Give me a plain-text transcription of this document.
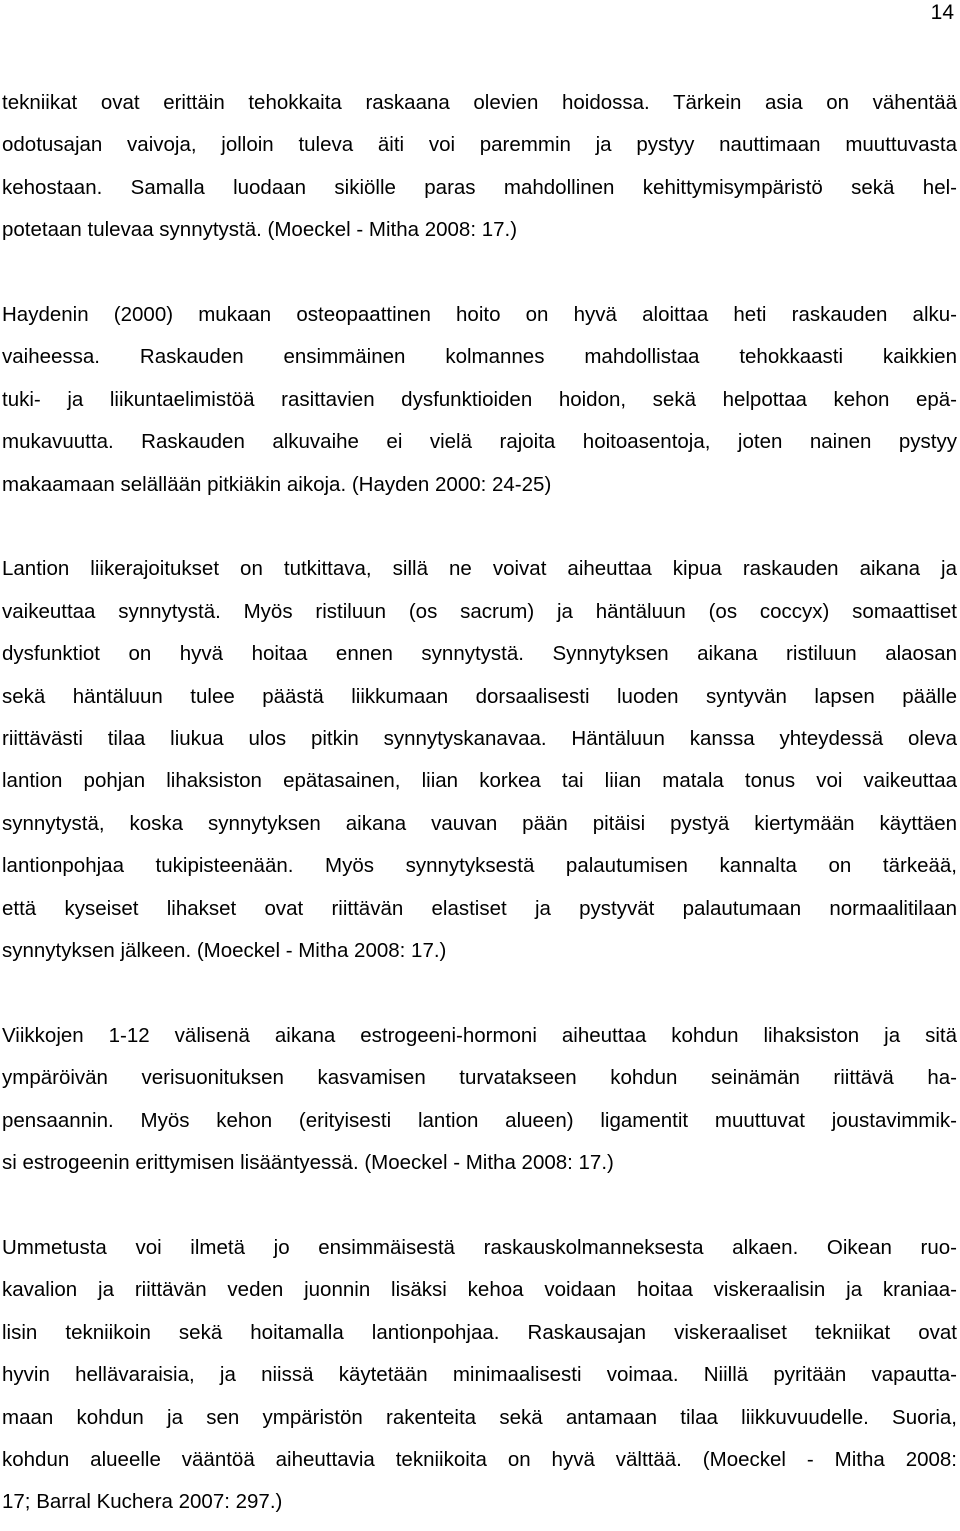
14

tekniikat ovat erittäin tehokkaita raskaana olevien hoidossa. Tärkein asia on vähentää

odotusajan vaivoja, jolloin tuleva äiti voi paremmin ja pystyy nauttimaan muuttuvasta

kehostaan. Samalla luodaan sikiölle paras mahdollinen kehittymisympäristö sekä hel-

potetaan tulevaa synnytystä. (Moeckel - Mitha 2008: 17.)

Haydenin (2000) mukaan osteopaattinen hoito on hyvä aloittaa heti raskauden alku-

vaiheessa. Raskauden ensimmäinen kolmannes mahdollistaa tehokkaasti kaikkien

tuki- ja liikuntaelimistöä rasittavien dysfunktioiden hoidon, sekä helpottaa kehon epä-

mukavuutta. Raskauden alkuvaihe ei vielä rajoita hoitoasentoja, joten nainen pystyy

makaamaan selällään pitkiäkin aikoja. (Hayden 2000: 24-25)

Lantion liikerajoitukset on tutkittava, sillä ne voivat aiheuttaa kipua raskauden aikana ja

vaikeuttaa synnytystä. Myös ristiluun (os sacrum) ja häntäluun (os coccyx) somaattiset

dysfunktiot on hyvä hoitaa ennen synnytystä. Synnytyksen aikana ristiluun alaosan

sekä häntäluun tulee päästä liikkumaan dorsaalisesti luoden syntyvän lapsen päälle

riittävästi tilaa liukua ulos pitkin synnytyskanavaa. Häntäluun kanssa yhteydessä oleva

lantion pohjan lihaksiston epätasainen, liian korkea tai liian matala tonus voi vaikeuttaa

synnytystä, koska synnytyksen aikana vauvan pään pitäisi pystyä kiertymään käyttäen

lantionpohjaa tukipisteenään. Myös synnytyksestä palautumisen kannalta on tärkeää,

että kyseiset lihakset ovat riittävän elastiset ja pystyvät palautumaan normaalitilaan

synnytyksen jälkeen. (Moeckel - Mitha 2008: 17.)

Viikkojen 1-12 välisenä aikana estrogeeni-hormoni aiheuttaa kohdun lihaksiston ja sitä

ympäröivän verisuonituksen kasvamisen turvatakseen kohdun seinämän riittävä ha-

pensaannin. Myös kehon (erityisesti lantion alueen) ligamentit muuttuvat joustavimmik-

si estrogeenin erittymisen lisääntyessä. (Moeckel - Mitha 2008: 17.)

Ummetusta voi ilmetä jo ensimmäisestä raskauskolmanneksesta alkaen. Oikean ruo-

kavalion ja riittävän veden juonnin lisäksi kehoa voidaan hoitaa viskeraalisin ja kraniaa-

lisin tekniikoin sekä hoitamalla lantionpohjaa. Raskausajan viskeraaliset tekniikat ovat

hyvin hellävaraisia, ja niissä käytetään minimaalisesti voimaa. Niillä pyritään vapautta-

maan kohdun ja sen ympäristön rakenteita sekä antamaan tilaa liikkuvuudelle. Suoria,

kohdun alueelle vääntöä aiheuttavia tekniikoita on hyvä välttää. (Moeckel - Mitha 2008:

17; Barral Kuchera 2007: 297.)
